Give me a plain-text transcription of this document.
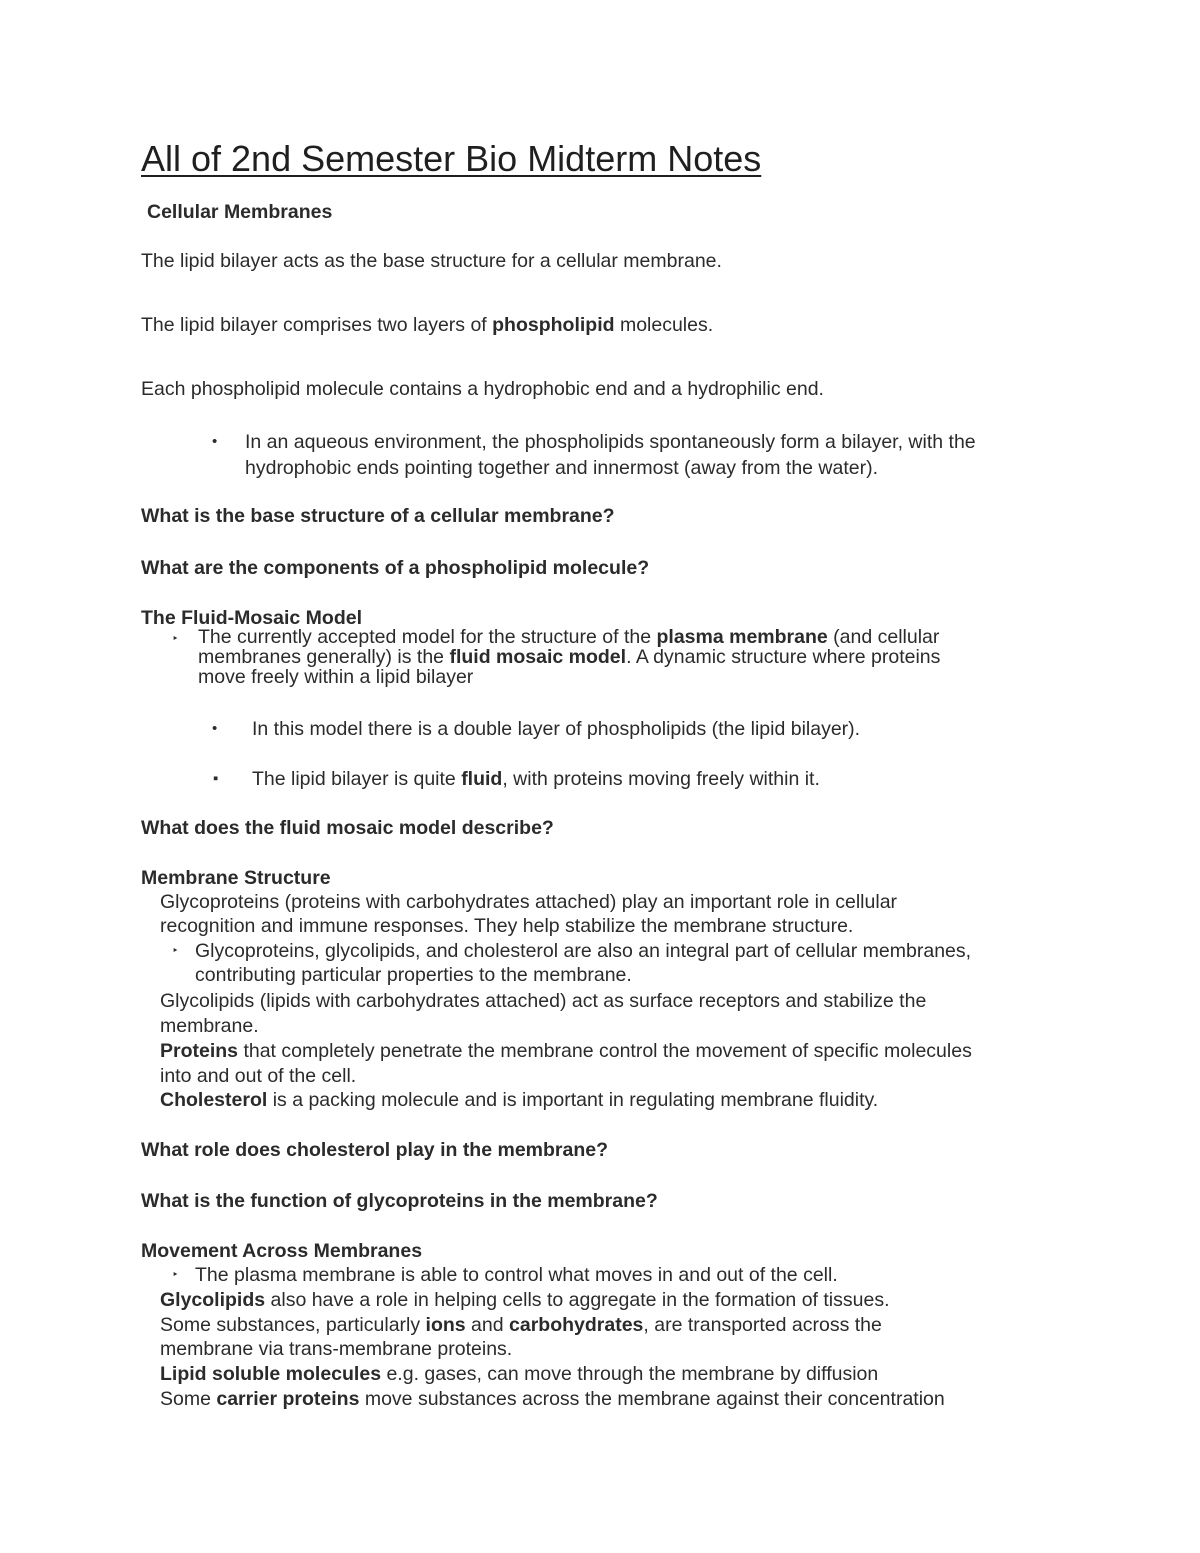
All of 2nd Semester Bio Midterm Notes
Cellular Membranes
The lipid bilayer acts as the base structure for a cellular membrane.
The lipid bilayer comprises two layers of phospholipid molecules.
Each phospholipid molecule contains a hydrophobic end and a hydrophilic end.
• In an aqueous environment, the phospholipids spontaneously form a bilayer, with the
hydrophobic ends pointing together and innermost (away from the water).
What is the base structure of a cellular membrane?
What are the components of a phospholipid molecule?
The Fluid-Mosaic Model
‣ The currently accepted model for the structure of the plasma membrane (and cellular
membranes generally) is the fluid mosaic model. A dynamic structure where proteins
move freely within a lipid bilayer
• In this model there is a double layer of phospholipids (the lipid bilayer).
▪ The lipid bilayer is quite fluid, with proteins moving freely within it.
What does the fluid mosaic model describe?
Membrane Structure
Glycoproteins (proteins with carbohydrates attached) play an important role in cellular
recognition and immune responses. They help stabilize the membrane structure.
‣ Glycoproteins, glycolipids, and cholesterol are also an integral part of cellular membranes,
contributing particular properties to the membrane.
Glycolipids (lipids with carbohydrates attached) act as surface receptors and stabilize the
membrane.
Proteins that completely penetrate the membrane control the movement of specific molecules
into and out of the cell.
Cholesterol is a packing molecule and is important in regulating membrane fluidity.
What role does cholesterol play in the membrane?
What is the function of glycoproteins in the membrane?
Movement Across Membranes
‣ The plasma membrane is able to control what moves in and out of the cell.
Glycolipids also have a role in helping cells to aggregate in the formation of tissues.
Some substances, particularly ions and carbohydrates, are transported across the
membrane via trans-membrane proteins.
Lipid soluble molecules e.g. gases, can move through the membrane by diffusion
Some carrier proteins move substances across the membrane against their concentration
